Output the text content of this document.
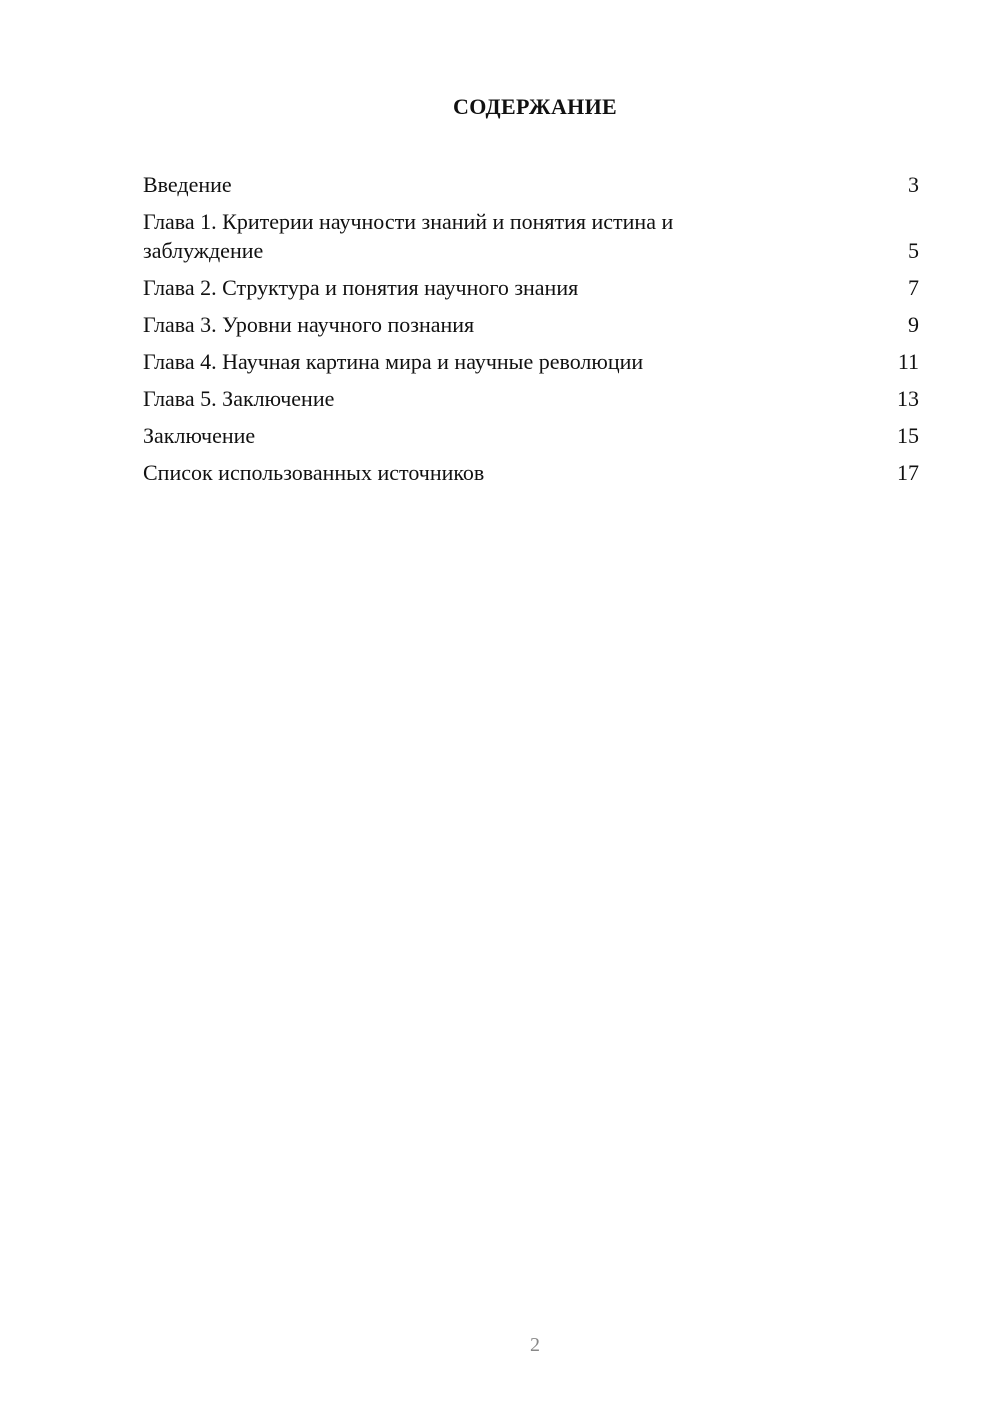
СОДЕРЖАНИЕ
Введение	3
Глава 1. Критерии научности знаний и понятия истина и заблуждение	5
Глава 2. Структура и понятия научного знания	7
Глава 3. Уровни научного познания	9
Глава 4. Научная картина мира и научные революции	11
Глава 5. Заключение	13
Заключение	15
Список использованных источников	17
2
